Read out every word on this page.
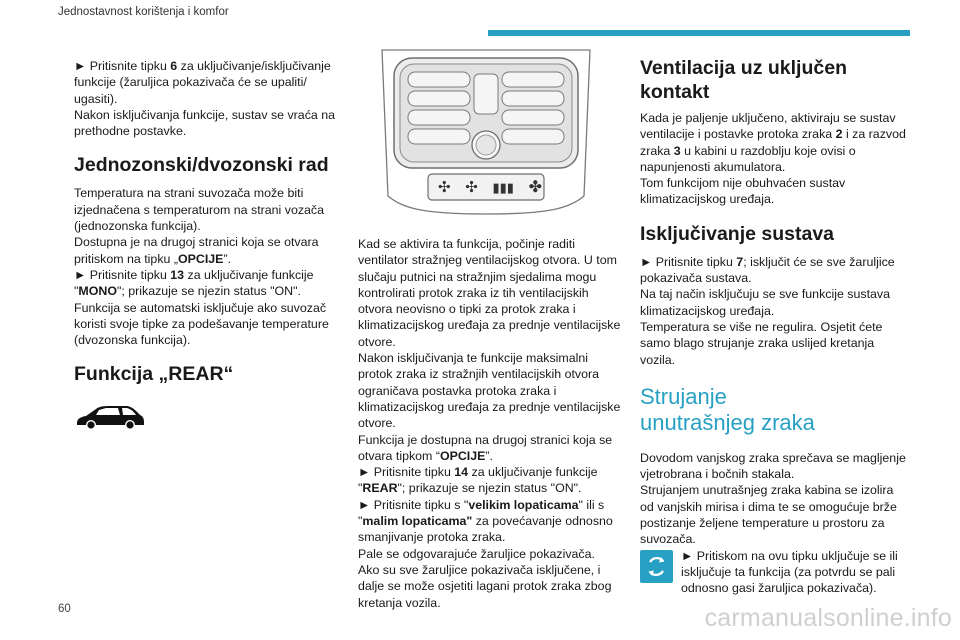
Jednostavnost korištenja i komfor

► Pritisnite tipku 6 za uključivanje/isključivanje funkcije (žaruljica pokazivača će se upaliti/ ugasiti).

Nakon isključivanja funkcije, sustav se vraća na prethodne postavke.

Jednozonski/dvozonski rad

Temperatura na strani suvozača može biti izjednačena s temperaturom na strani vozača (jednozonska funkcija).

Dostupna je na drugoj stranici koja se otvara pritiskom na tipku „OPCIJE”.

► Pritisnite tipku 13 za uključivanje funkcije "MONO"; prikazuje se njezin status "ON".

Funkcija se automatski isključuje ako suvozač koristi svoje tipke za podešavanje temperature (dvozonska funkcija).

Funkcija „REAR“
✣ ✣ ▮▮▮ ✤

Kad se aktivira ta funkcija, počinje raditi ventilator stražnjeg ventilacijskog otvora. U tom slučaju putnici na stražnjim sjedalima mogu kontrolirati protok zraka iz tih ventilacijskih otvora neovisno o tipki za protok zraka i klimatizacijskog uređaja za prednje ventilacijske otvore.

Nakon isključivanja te funkcije maksimalni protok zraka iz stražnjih ventilacijskih otvora ograničava postavka protoka zraka i klimatizacijskog uređaja za prednje ventilacijske otvore.

Funkcija je dostupna na drugoj stranici koja se otvara tipkom “OPCIJE”.

► Pritisnite tipku 14 za uključivanje funkcije
"REAR"; prikazuje se njezin status "ON".

► Pritisnite tipku s "velikim lopaticama" ili s
"malim lopaticama" za povećavanje odnosno smanjivanje protoka zraka.

Pale se odgovarajuće žaruljice pokazivača.

Ako su sve žaruljice pokazivača isključene, i dalje se može osjetiti lagani protok zraka zbog kretanja vozila.

Ventilacija uz uključen kontakt

Kada je paljenje uključeno, aktiviraju se sustav ventilacije i postavke protoka zraka 2 i za razvod zraka 3 u kabini u razdoblju koje ovisi o napunjenosti akumulatora.

Tom funkcijom nije obuhvaćen sustav klimatizacijskog uređaja.

Isključivanje sustava

► Pritisnite tipku 7; isključit će se sve žaruljice pokazivača sustava.

Na taj način isključuju se sve funkcije sustava klimatizacijskog uređaja.

Temperatura se više ne regulira. Osjetit ćete samo blago strujanje zraka uslijed kretanja vozila.

Strujanje unutrašnjeg zraka

Dovodom vanjskog zraka sprečava se magljenje vjetrobrana i bočnih stakala.

Strujanjem unutrašnjeg zraka kabina se izolira od vanjskih mirisa i dima te se omogućuje brže postizanje željene temperature u prostoru za suvozača.

► Pritiskom na ovu tipku uključuje se ili isključuje ta funkcija (za potvrdu se pali odnosno gasi žaruljica pokazivača).

60	carmanualsonline.info
